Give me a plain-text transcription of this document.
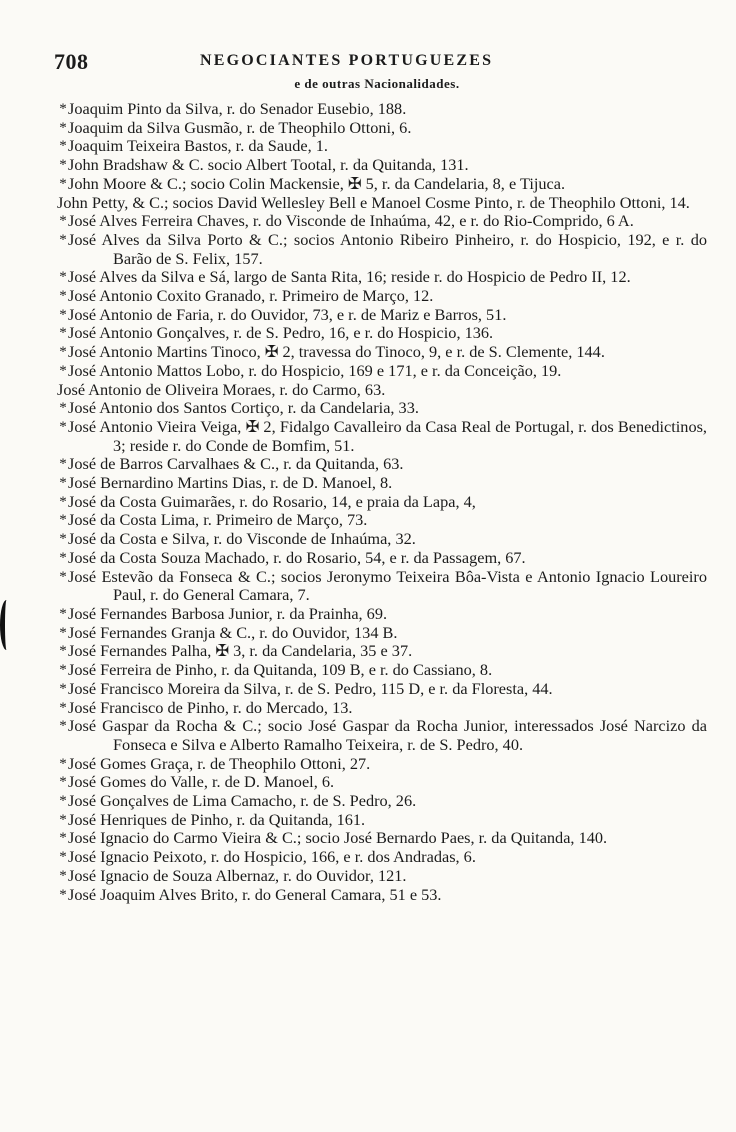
708	NEGOCIANTES PORTUGUEZES
e de outras Nacionalidades.
* Joaquim Pinto da Silva, r. do Senador Eusebio, 188.
* Joaquim da Silva Gusmão, r. de Theophilo Ottoni, 6.
* Joaquim Teixeira Bastos, r. da Saude, 1.
* John Bradshaw & C. socio Albert Tootal, r. da Quitanda, 131.
* John Moore & C.; socio Colin Mackensie, ✠ 5, r. da Candelaria, 8, e Tijuca.
John Petty, & C.; socios David Wellesley Bell e Manoel Cosme Pinto, r. de Theophilo Ottoni, 14.
* José Alves Ferreira Chaves, r. do Visconde de Inhaúma, 42, e r. do Rio-Comprido, 6 A.
* José Alves da Silva Porto & C.; socios Antonio Ribeiro Pinheiro, r. do Hospicio, 192, e r. do Barão de S. Felix, 157.
* José Alves da Silva e Sá, largo de Santa Rita, 16; reside r. do Hospicio de Pedro II, 12.
* José Antonio Coxito Granado, r. Primeiro de Março, 12.
* José Antonio de Faria, r. do Ouvidor, 73, e r. de Mariz e Barros, 51.
* José Antonio Gonçalves, r. de S. Pedro, 16, e r. do Hospicio, 136.
* José Antonio Martins Tinoco, ✠ 2, travessa do Tinoco, 9, e r. de S. Clemente, 144.
* José Antonio Mattos Lobo, r. do Hospicio, 169 e 171, e r. da Conceição, 19.
José Antonio de Oliveira Moraes, r. do Carmo, 63.
* José Antonio dos Santos Cortiço, r. da Candelaria, 33.
* José Antonio Vieira Veiga, ✠ 2, Fidalgo Cavalleiro da Casa Real de Portugal, r. dos Benedictinos, 3; reside r. do Conde de Bomfim, 51.
* José de Barros Carvalhaes & C., r. da Quitanda, 63.
* José Bernardino Martins Dias, r. de D. Manoel, 8.
* José da Costa Guimarães, r. do Rosario, 14, e praia da Lapa, 4,
* José da Costa Lima, r. Primeiro de Março, 73.
* José da Costa e Silva, r. do Visconde de Inhaúma, 32.
* José da Costa Souza Machado, r. do Rosario, 54, e r. da Passagem, 67.
* José Estevão da Fonseca & C.; socios Jeronymo Teixeira Bôa-Vista e Antonio Ignacio Loureiro Paul, r. do General Camara, 7.
* José Fernandes Barbosa Junior, r. da Prainha, 69.
* José Fernandes Granja & C., r. do Ouvidor, 134 B.
* José Fernandes Palha, ✠ 3, r. da Candelaria, 35 e 37.
* José Ferreira de Pinho, r. da Quitanda, 109 B, e r. do Cassiano, 8.
* José Francisco Moreira da Silva, r. de S. Pedro, 115 D, e r. da Floresta, 44.
* José Francisco de Pinho, r. do Mercado, 13.
* José Gaspar da Rocha & C.; socio José Gaspar da Rocha Junior, interessados José Narcizo da Fonseca e Silva e Alberto Ramalho Teixeira, r. de S. Pedro, 40.
* José Gomes Graça, r. de Theophilo Ottoni, 27.
* José Gomes do Valle, r. de D. Manoel, 6.
* José Gonçalves de Lima Camacho, r. de S. Pedro, 26.
* José Henriques de Pinho, r. da Quitanda, 161.
* José Ignacio do Carmo Vieira & C.; socio José Bernardo Paes, r. da Quitanda, 140.
* José Ignacio Peixoto, r. do Hospicio, 166, e r. dos Andradas, 6.
* José Ignacio de Souza Albernaz, r. do Ouvidor, 121.
* José Joaquim Alves Brito, r. do General Camara, 51 e 53.
